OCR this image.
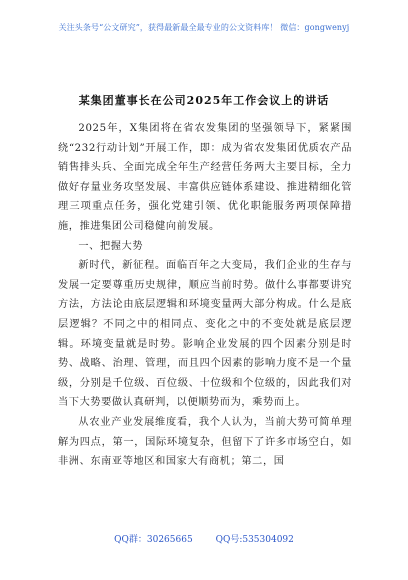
关注头条号“公文研究”，获得最新最全最专业的公文资料库！ 微信：gongwenyj
某集团董事长在公司2025年工作会议上的讲话

2025年，X集团将在省农发集团的坚强领导下，紧紧围绕“232行动计划”开展工作，即：成为省农发集团优质农产品销售排头兵、全面完成全年生产经营任务两大主要目标，全力做好存量业务攻坚发展、丰富供应链体系建设、推进精细化管理三项重点任务，强化党建引领、优化职能服务两项保障措施，推进集团公司稳健向前发展。

一、把握大势

新时代，新征程。面临百年之大变局，我们企业的生存与发展一定要尊重历史规律，顺应当前时势。做什么事都要讲究方法，方法论由底层逻辑和环境变量两大部分构成。什么是底层逻辑？不同之中的相同点、变化之中的不变处就是底层逻辑。环境变量就是时势。影响企业发展的四个因素分别是时势、战略、治理、管理，而且四个因素的影响力度不是一个量级，分别是千位级、百位级、十位级和个位级的，因此我们对当下大势要做认真研判，以便顺势而为，乘势而上。

从农业产业发展维度看，我个人认为，当前大势可简单理解为四点，第一，国际环境复杂，但留下了许多市场空白，如非洲、东南亚等地区和国家大有商机；第二，国

QQ群：30265665	QQ号:535304092
